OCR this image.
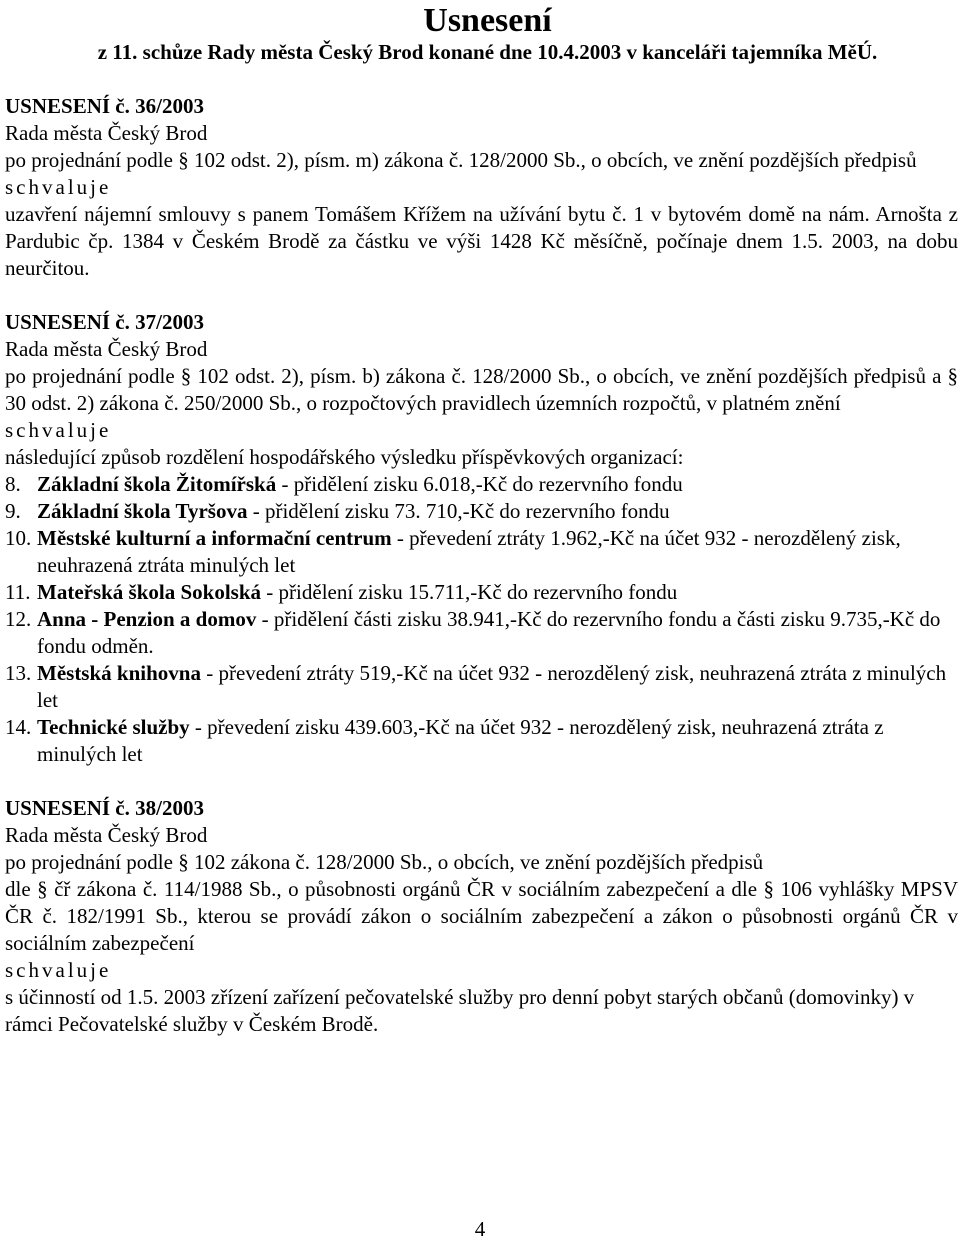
Usnesení

z 11. schůze Rady města Český Brod konané dne 10.4.2003 v kanceláři tajemníka MěÚ.

USNESENÍ č. 36/2003

Rada města Český Brod

po projednání podle § 102 odst. 2), písm. m) zákona č. 128/2000 Sb., o obcích, ve znění pozdějších předpisů

schvaluje

uzavření nájemní smlouvy s panem Tomášem Křížem na užívání bytu č. 1 v bytovém domě na nám. Arnošta z Pardubic čp. 1384 v Českém Brodě za částku ve výši 1428 Kč měsíčně, počínaje dnem 1.5. 2003, na dobu neurčitou.

USNESENÍ č. 37/2003

Rada města Český Brod

po projednání podle § 102 odst. 2), písm. b) zákona č. 128/2000 Sb., o obcích, ve znění pozdějších předpisů a § 30 odst. 2) zákona č. 250/2000 Sb., o rozpočtových pravidlech územních rozpočtů, v platném znění

schvaluje

následující způsob rozdělení hospodářského výsledku příspěvkových organizací:

8. Základní škola Žitomířská - přidělení zisku 6.018,-Kč do rezervního fondu
9. Základní škola Tyršova - přidělení zisku 73. 710,-Kč do rezervního fondu
10. Městské kulturní a informační centrum - převedení ztráty 1.962,-Kč na účet 932 - nerozdělený zisk, neuhrazená ztráta minulých let
11. Mateřská škola Sokolská - přidělení zisku 15.711,-Kč do rezervního fondu
12. Anna - Penzion a domov - přidělení části zisku 38.941,-Kč do rezervního fondu a části zisku 9.735,-Kč do fondu odměn.
13. Městská knihovna - převedení ztráty 519,-Kč na účet 932 - nerozdělený zisk, neuhrazená ztráta z minulých let
14. Technické služby - převedení zisku 439.603,-Kč na účet 932 - nerozdělený zisk, neuhrazená ztráta z minulých let

USNESENÍ č. 38/2003

Rada města Český Brod

po projednání podle § 102 zákona č. 128/2000 Sb., o obcích, ve znění pozdějších předpisů

dle § čř zákona č. 114/1988 Sb., o působnosti orgánů ČR v sociálním zabezpečení a dle § 106 vyhlášky MPSV ČR č. 182/1991 Sb., kterou se provádí zákon o sociálním zabezpečení a zákon o působnosti orgánů ČR v sociálním zabezpečení

schvaluje

s účinností od 1.5. 2003 zřízení zařízení pečovatelské služby pro denní pobyt starých občanů (domovinky) v rámci Pečovatelské služby v Českém Brodě.

4
